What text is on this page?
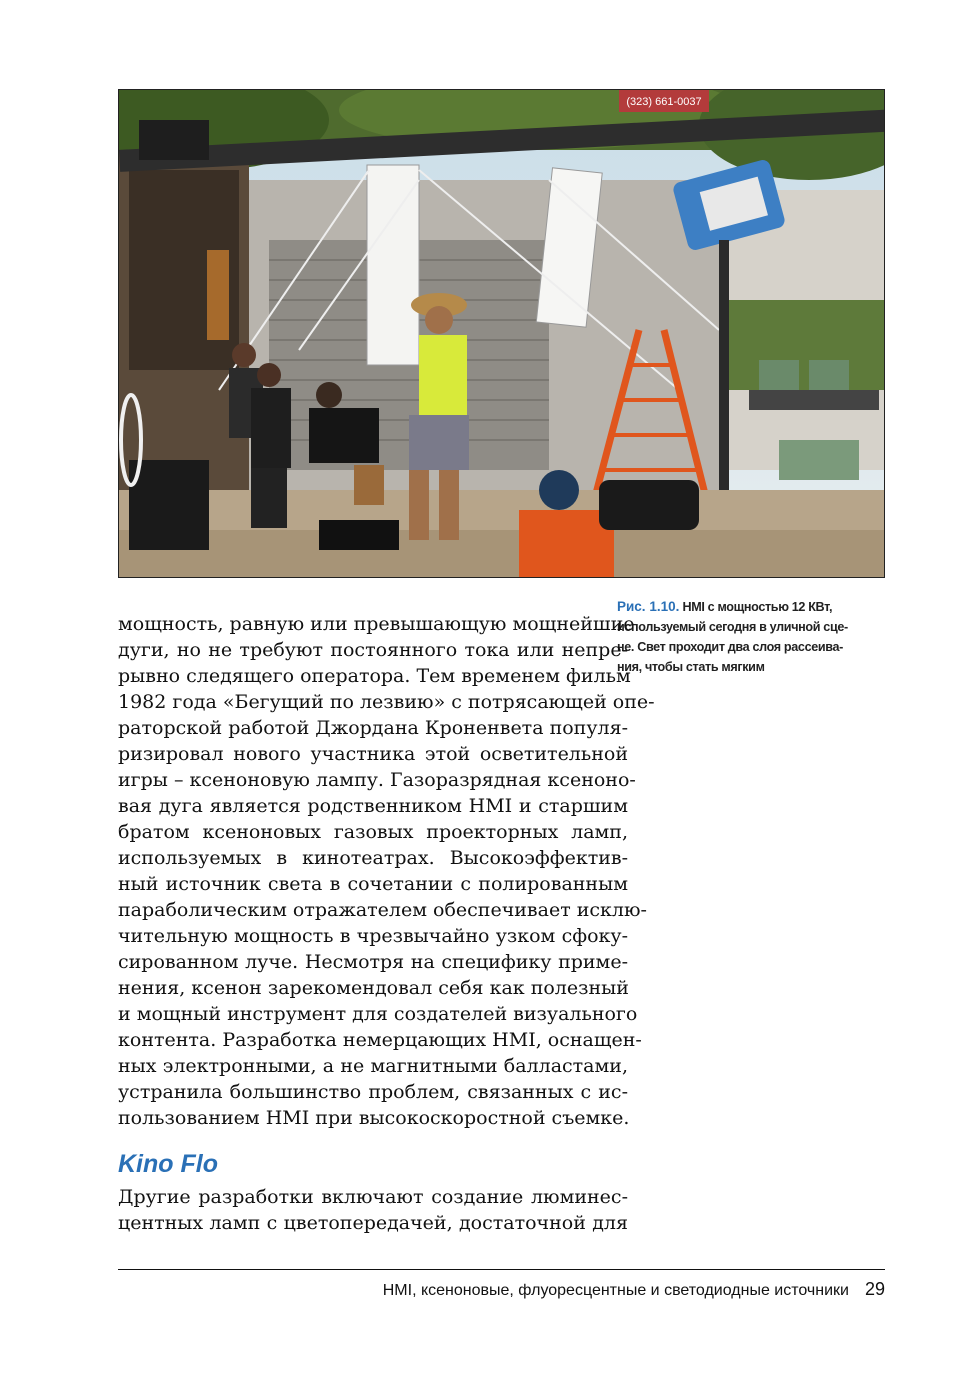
(323) 661-0037
Рис. 1.10. HMI с мощностью 12 КВт,
используемый сегодня в уличной сце-
не. Свет проходит два слоя рассеива-
ния, чтобы стать мягким
мощность, равную или превышающую мощнейшие
дуги, но не требуют постоянного тока или непре-
рывно следящего оператора. Тем временем фильм
1982 года «Бегущий по лезвию» с потрясающей опе-
раторской работой Джордана Кроненвета популя-
ризировал нового участника этой осветительной
игры – ксеноновую лампу. Газоразрядная ксеноно-
вая дуга является родственником HMI и старшим
братом ксеноновых газовых проекторных ламп,
используемых в кинотеатрах. Высокоэффектив-
ный источник света в сочетании с полированным
параболическим отражателем обеспечивает исклю-
чительную мощность в чрезвычайно узком сфоку-
сированном луче. Несмотря на специфику приме-
нения, ксенон зарекомендовал себя как полезный
и мощный инструмент для создателей визуального
контента. Разработка немерцающих HMI, оснащен-
ных электронными, а не магнитными балластами,
устранила большинство проблем, связанных с ис-
пользованием HMI при высокоскоростной съемке.
Kino Flo
Другие разработки включают создание люминес-
центных ламп с цветопередачей, достаточной для
HMI, ксеноновые, флуоресцентные и светодиодные источники 29
